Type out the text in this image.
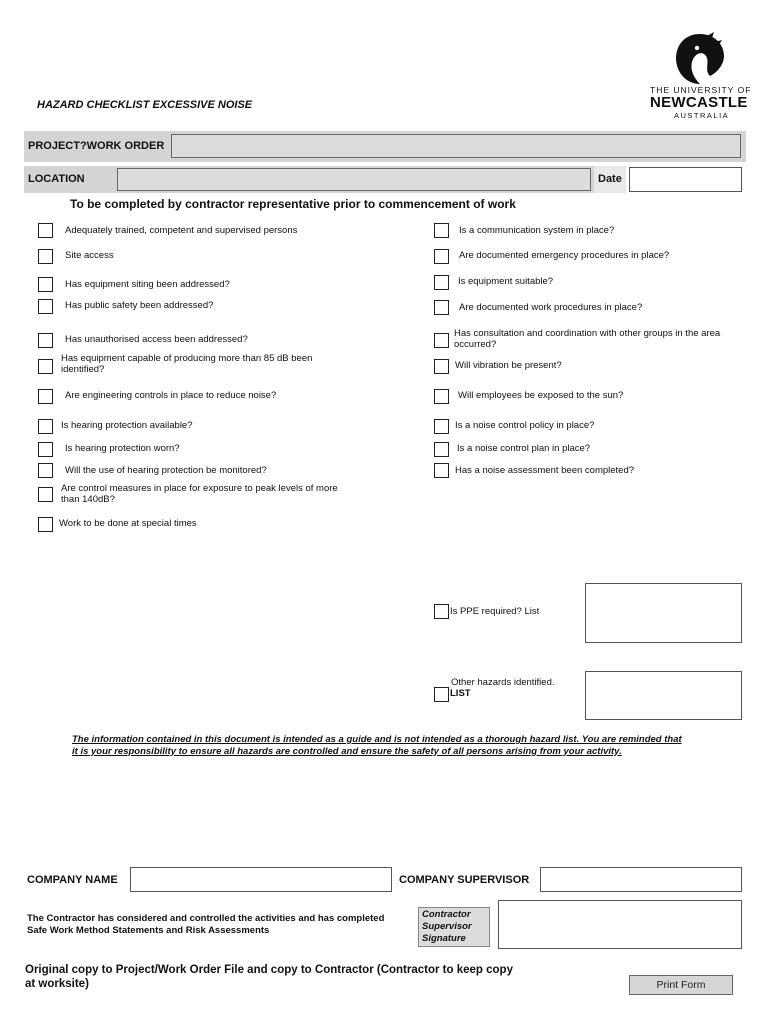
THE UNIVERSITY OF
NEWCASTLE
AUSTRALIA
HAZARD CHECKLIST EXCESSIVE NOISE
PROJECT?WORK ORDER
LOCATION	Date
To be completed by contractor representative prior to commencement of work
Adequately trained, competent and supervised persons
Site access
Has equipment siting been addressed?
Has public safety been addressed?
Has unauthorised access been addressed?
Has equipment capable of producing more than 85 dB been identified?
Are engineering controls in place to reduce noise?
Is hearing protection available?
Is hearing protection worn?
Will the use of hearing protection be monitored?
Are control measures in place for exposure to peak levels of more than 140dB?
Work to be done at special times
Is a communication system in place?
Are documented emergency procedures in place?
Is equipment suitable?
Are documented work procedures in place?
Has consultation and coordination with other groups in the area occurred?
Will vibration be present?
Will employees be exposed to the sun?
Is a noise control policy in place?
Is a noise control plan in place?
Has a noise assessment been completed?
Is PPE required? List
Other hazards identified.
LIST
The information contained in this document is intended as a guide and is not intended as a thorough hazard list. You are reminded that it is your responsibility to ensure all hazards are controlled and ensure the safety of all persons arising from your activity.
COMPANY NAME	COMPANY SUPERVISOR
The Contractor has considered and controlled the activities and has completed
Safe Work Method Statements and Risk Assessments
Contractor
Supervisor
Signature
Original copy to Project/Work Order File and copy to Contractor (Contractor to keep copy
at worksite)	Print Form
